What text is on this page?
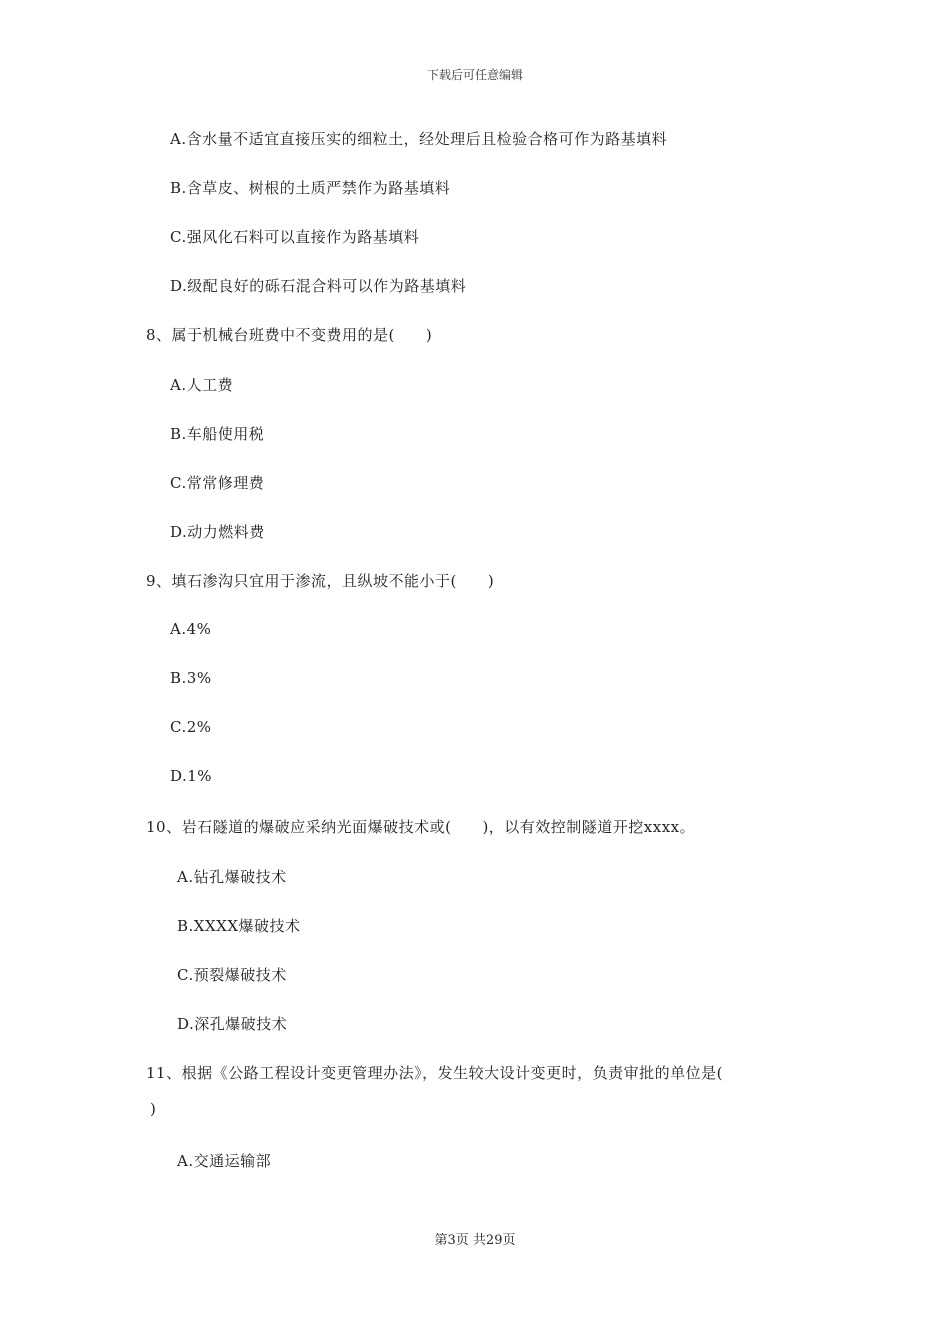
下载后可任意编辑
A.含水量不适宜直接压实的细粒土，经处理后且检验合格可作为路基填料
B.含草皮、树根的土质严禁作为路基填料
C.强风化石料可以直接作为路基填料
D.级配良好的砾石混合料可以作为路基填料
8、属于机械台班费中不变费用的是(　　)
A.人工费
B.车船使用税
C.常常修理费
D.动力燃料费
9、填石渗沟只宜用于渗流，且纵坡不能小于(　　)
A.4%
B.3%
C.2%
D.1%
10、岩石隧道的爆破应采纳光面爆破技术或(　　)，以有效控制隧道开挖xxxx。
A.钻孔爆破技术
B.XXXX爆破技术
C.预裂爆破技术
D.深孔爆破技术
11、根据《公路工程设计变更管理办法》，发生较大设计变更时，负责审批的单位是(
)
A.交通运输部
第3页 共29页
